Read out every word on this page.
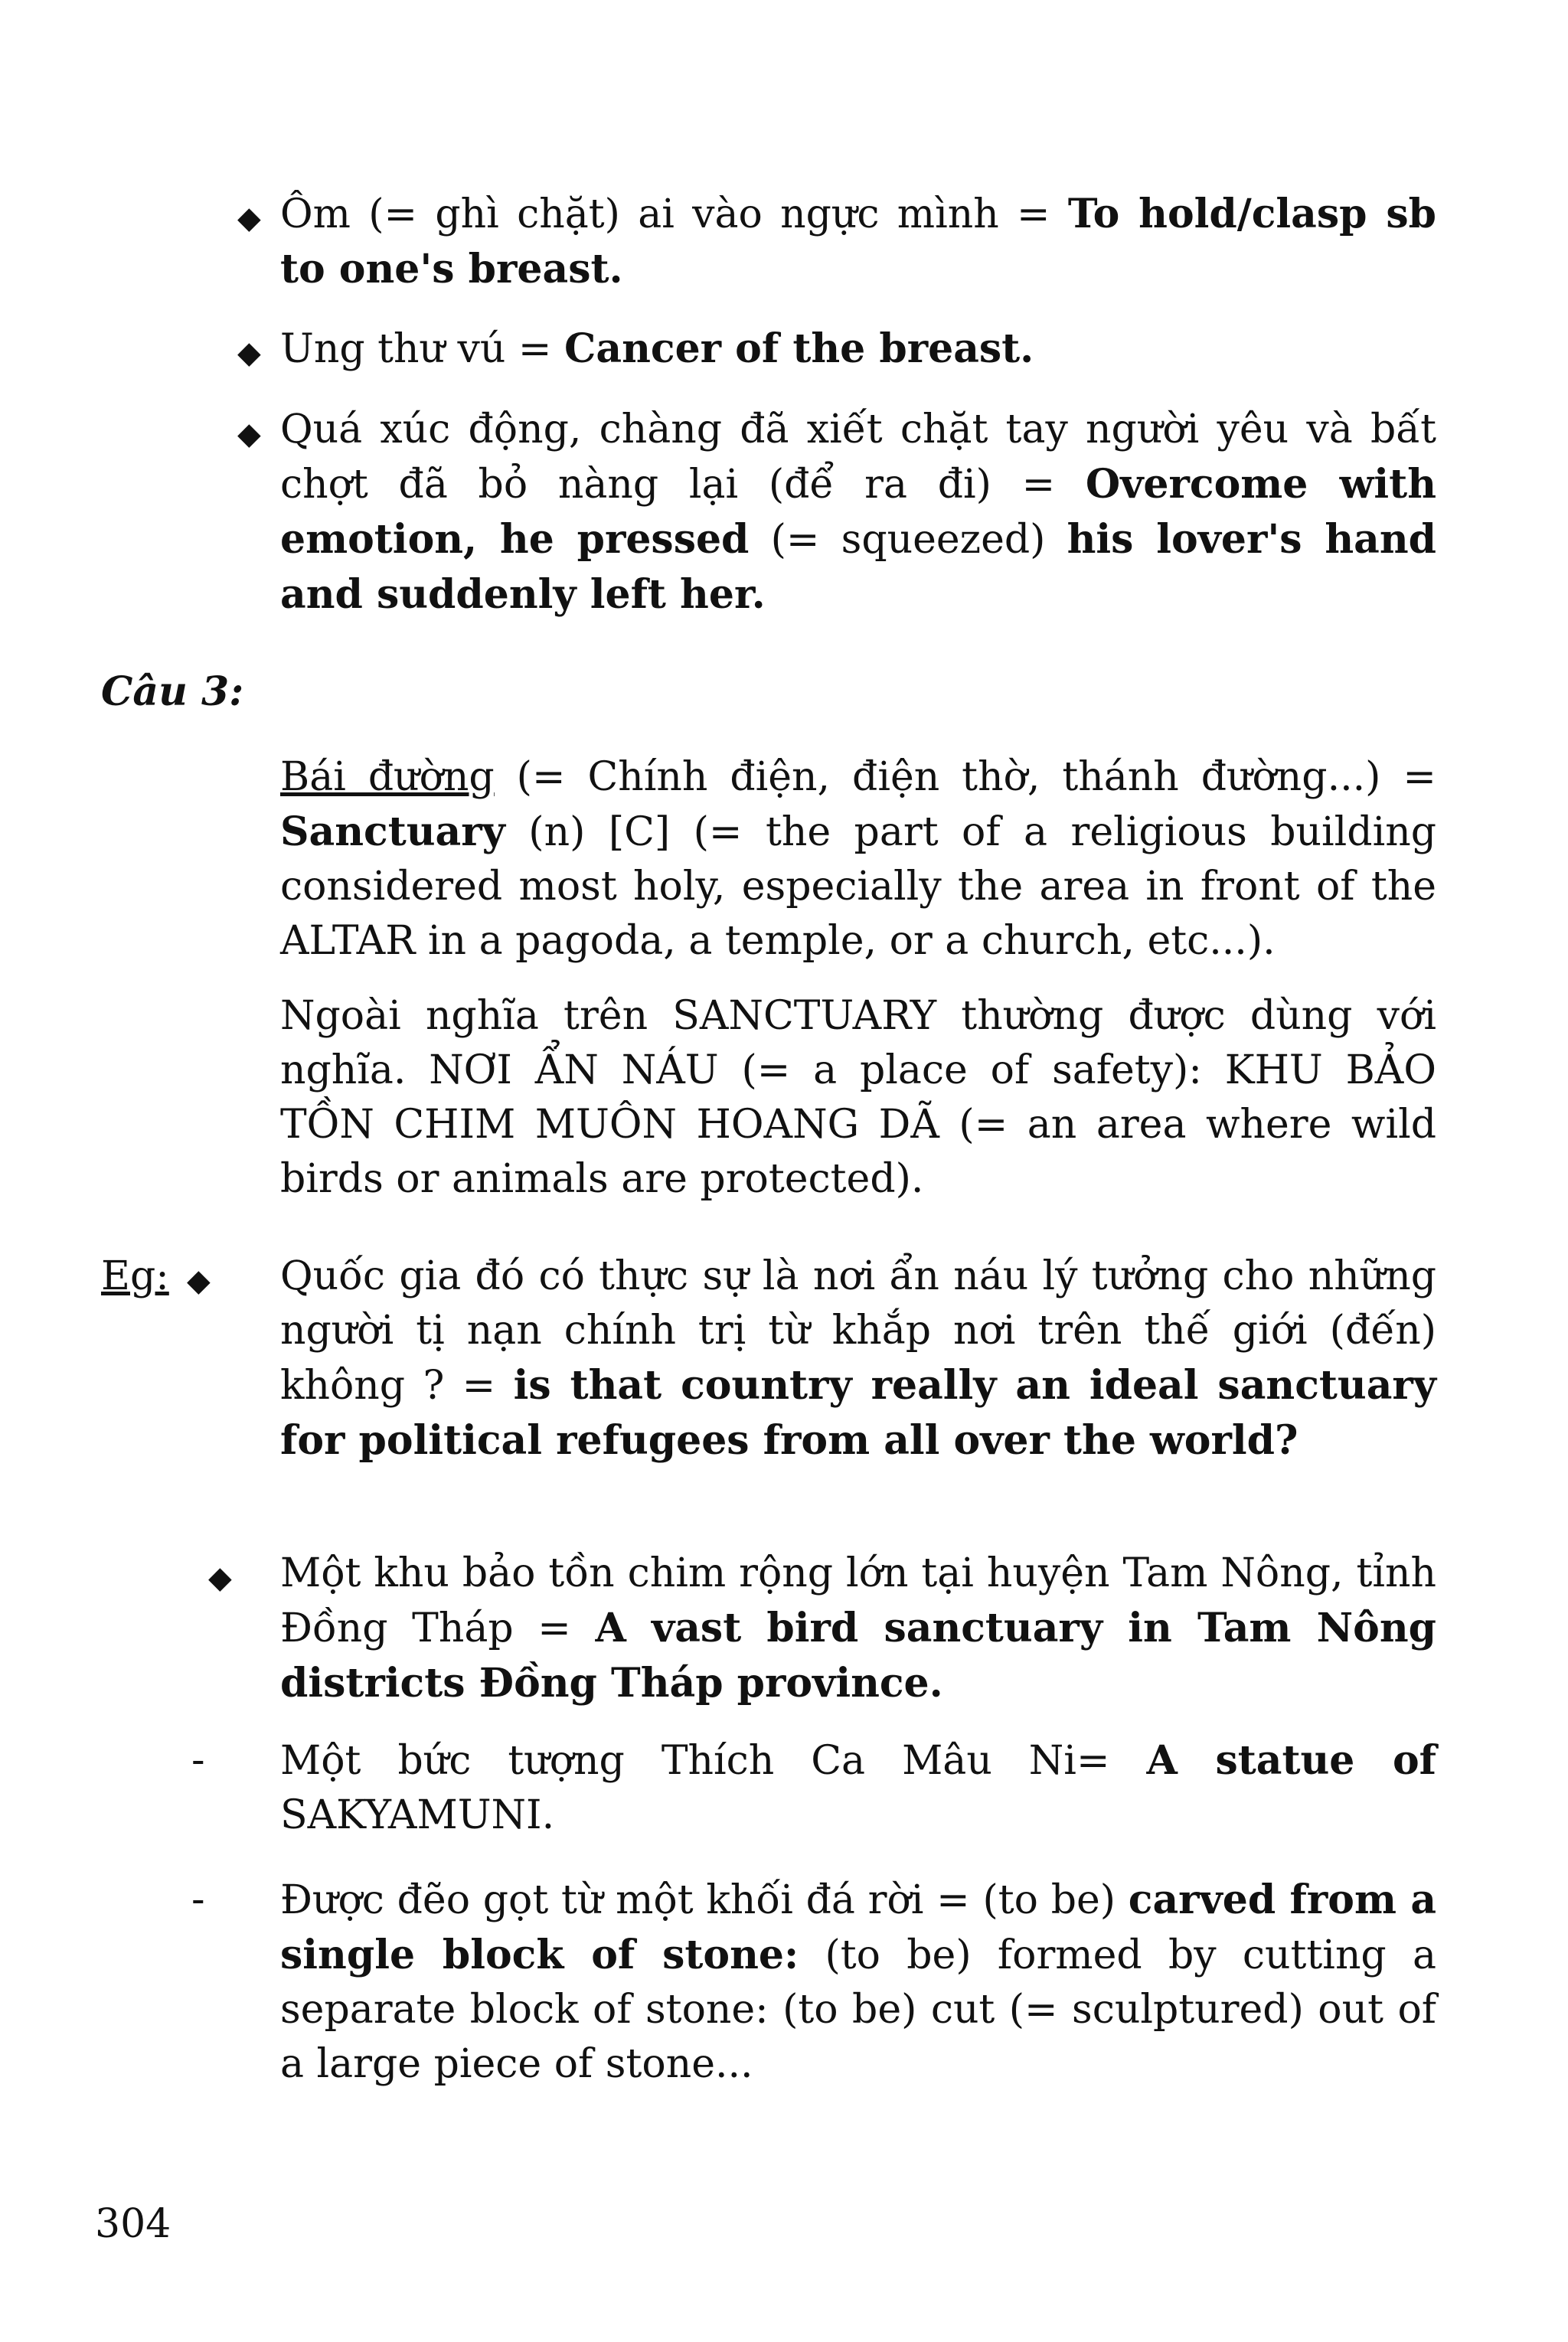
◆ Ôm (= ghì chặt) ai vào ngực mình = To hold/clasp sb to one's breast.

◆ Ung thư vú = Cancer of the breast.

◆ Quá xúc động, chàng đã xiết chặt tay người yêu và bất chợt đã bỏ nàng lại (để ra đi) = Overcome with emotion, he pressed (= squeezed) his lover's hand and suddenly left her.

Câu 3:

Bái đường (= Chính điện, điện thờ, thánh đường...) = Sanctuary (n) [C] (= the part of a religious building considered most holy, especially the area in front of the ALTAR in a pagoda, a temple, or a church, etc...).

Ngoài nghĩa trên SANCTUARY thường được dùng với nghĩa. NƠI ẨN NÁU (= a place of safety): KHU BẢO TỒN CHIM MUÔN HOANG DÃ (= an area where wild birds or animals are protected).

Eg: ◆ Quốc gia đó có thực sự là nơi ẩn náu lý tưởng cho những người tị nạn chính trị từ khắp nơi trên thế giới (đến) không ? = is that country really an ideal sanctuary for political refugees from all over the world?

◆ Một khu bảo tồn chim rộng lớn tại huyện Tam Nông, tỉnh Đồng Tháp = A vast bird sanctuary in Tam Nông districts Đồng Tháp province.

- Một bức tượng Thích Ca Mâu Ni= A statue of SAKYAMUNI.

- Được đẽo gọt từ một khối đá rời = (to be) carved from a single block of stone: (to be) formed by cutting a separate block of stone: (to be) cut (= sculptured) out of a large piece of stone...

304
